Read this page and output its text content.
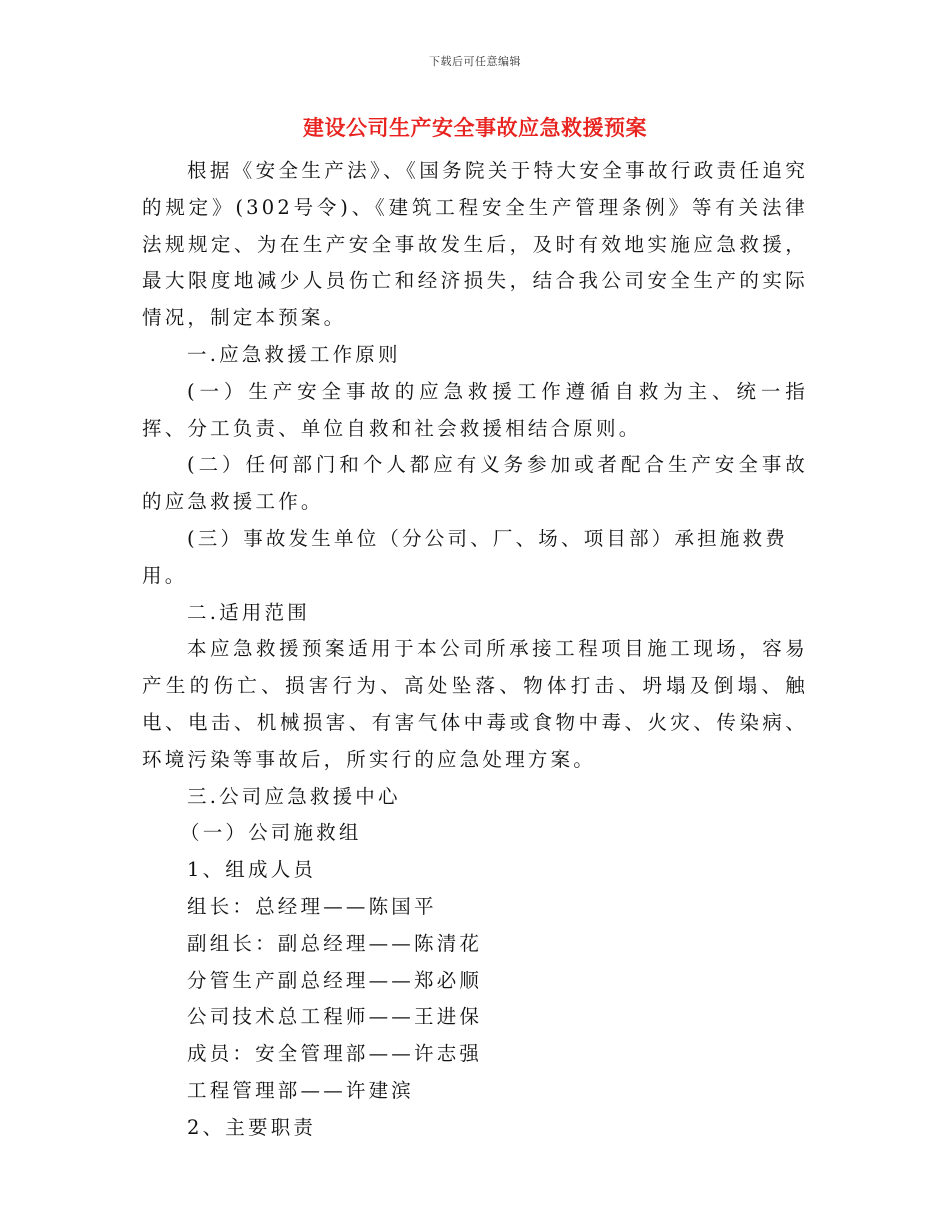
下载后可任意编辑
建设公司生产安全事故应急救援预案

根据《安全生产法》、《国务院关于特大安全事故行政责任追究的规定》(302号令)、《建筑工程安全生产管理条例》等有关法律法规规定、为在生产安全事故发生后，及时有效地实施应急救援，最大限度地减少人员伤亡和经济损失，结合我公司安全生产的实际情况，制定本预案。

一.应急救援工作原则

(一）生产安全事故的应急救援工作遵循自救为主、统一指挥、分工负责、单位自救和社会救援相结合原则。

(二）任何部门和个人都应有义务参加或者配合生产安全事故的应急救援工作。

(三）事故发生单位（分公司、厂、场、项目部）承担施救费用。

二.适用范围

本应急救援预案适用于本公司所承接工程项目施工现场，容易产生的伤亡、损害行为、高处坠落、物体打击、坍塌及倒塌、触电、电击、机械损害、有害气体中毒或食物中毒、火灾、传染病、环境污染等事故后，所实行的应急处理方案。

三.公司应急救援中心

（一）公司施救组

1、组成人员

组长：总经理——陈国平

副组长：副总经理——陈清花

分管生产副总经理——郑必顺

公司技术总工程师——王进保

成员：安全管理部——许志强

工程管理部——许建滨

2、主要职责
